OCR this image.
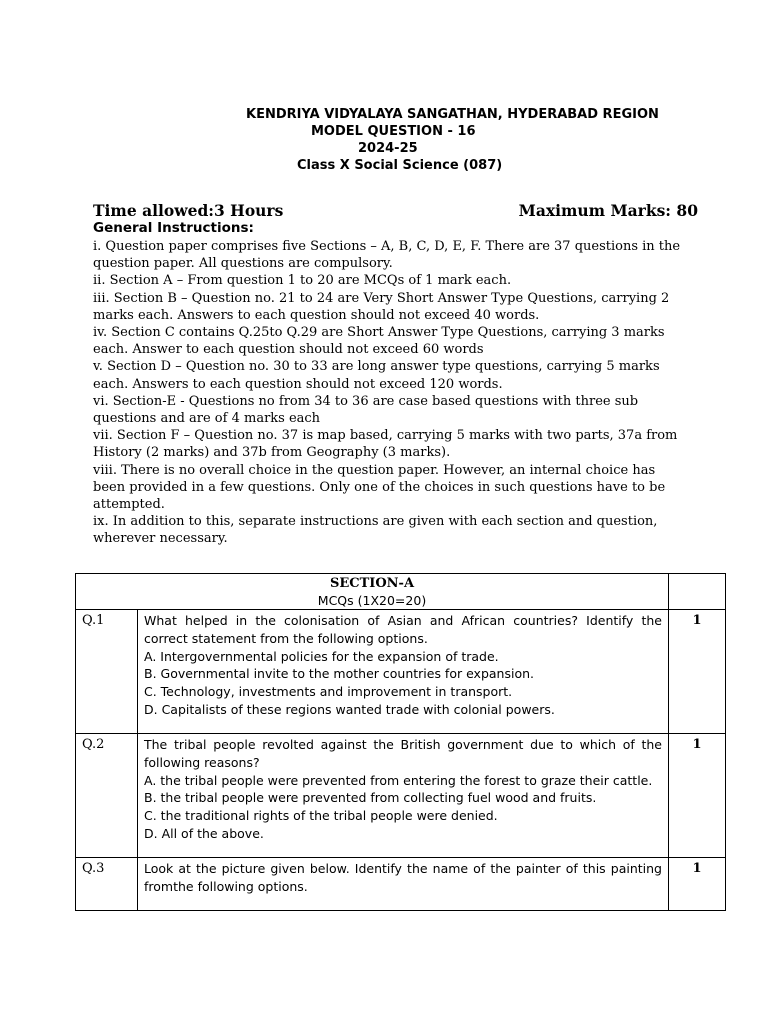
KENDRIYA VIDYALAYA SANGATHAN, HYDERABAD REGION
MODEL QUESTION - 16
2024-25
Class X Social Science (087)
Time allowed:3 Hours	Maximum Marks: 80
General Instructions:

i. Question paper comprises five Sections – A, B, C, D, E, F. There are 37 questions in the question paper. All questions are compulsory.

ii. Section A – From question 1 to 20 are MCQs of 1 mark each.

iii. Section B – Question no. 21 to 24 are Very Short Answer Type Questions, carrying 2 marks each. Answers to each question should not exceed 40 words.

iv. Section C contains Q.25to Q.29 are Short Answer Type Questions, carrying 3 marks each. Answer to each question should not exceed 60 words

v. Section D – Question no. 30 to 33 are long answer type questions, carrying 5 marks each. Answers to each question should not exceed 120 words.

vi. Section-E - Questions no from 34 to 36 are case based questions with three sub questions and are of 4 marks each

vii. Section F – Question no. 37 is map based, carrying 5 marks with two parts, 37a from History (2 marks) and 37b from Geography (3 marks).

viii. There is no overall choice in the question paper. However, an internal choice has been provided in a few questions. Only one of the choices in such questions have to be attempted.

ix. In addition to this, separate instructions are given with each section and question, wherever necessary.

SECTION-A
MCQs (1X20=20)		

Q.1	What helped in the colonisation of Asian and African countries? Identify the correct statement from the following options.
A. Intergovernmental policies for the expansion of trade.
B. Governmental invite to the mother countries for expansion.
C. Technology, investments and improvement in transport.
D. Capitalists of these regions wanted trade with colonial powers.	1
Q.2	The tribal people revolted against the British government due to which of the following reasons?
A. the tribal people were prevented from entering the forest to graze their cattle.
B. the tribal people were prevented from collecting fuel wood and fruits.
C. the traditional rights of the tribal people were denied.
D. All of the above.	1
Q.3	Look at the picture given below. Identify the name of the painter of this painting fromthe following options.	1
